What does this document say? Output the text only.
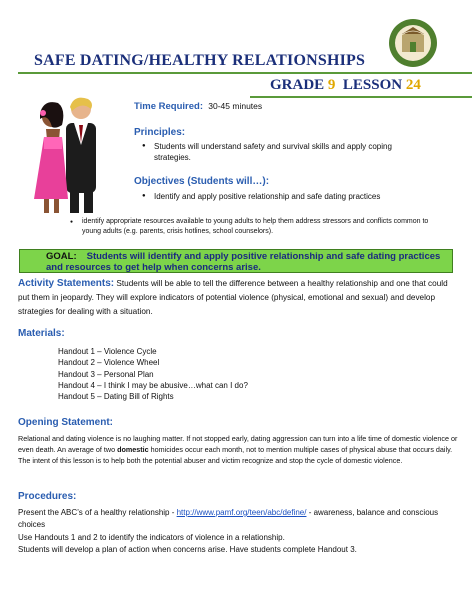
SAFE DATING/HEALTHY RELATIONSHIPS
GRADE 9 LESSON 24
Time Required: 30-45 minutes
Principles:
● Students will understand safety and survival skills and apply coping strategies.
Objectives (Students will…):
● Identify and apply positive relationship and safe dating practices
● identify appropriate resources available to young adults to help them address stressors and conflicts common to young adults (e.g. parents, crisis hotlines, school counselors).
GOAL: Students will identify and apply positive relationship and safe dating practices and resources to get help when concerns arise.
Activity Statements: Students will be able to tell the difference between a healthy relationship and one that could put them in jeopardy. They will explore indicators of potential violence (physical, emotional and sexual) and develop strategies for dealing with a situation.
Materials:
Handout 1 – Violence Cycle
Handout 2 – Violence Wheel
Handout 3 – Personal Plan
Handout 4 – I think I may be abusive…what can I do?
Handout 5 – Dating Bill of Rights
Opening Statement:
Relational and dating violence is no laughing matter. If not stopped early, dating aggression can turn into a life time of domestic violence or even death. An average of two domestic homicides occur each month, not to mention multiple cases of physical abuse that occurs daily. The intent of this lesson is to help both the potential abuser and victim recognize and stop the cycle of domestic violence.
Procedures:
Present the ABC’s of a healthy relationship - http://www.pamf.org/teen/abc/define/ - awareness, balance and conscious choices
Use Handouts 1 and 2 to identify the indicators of violence in a relationship.
Students will develop a plan of action when concerns arise. Have students complete Handout 3.
